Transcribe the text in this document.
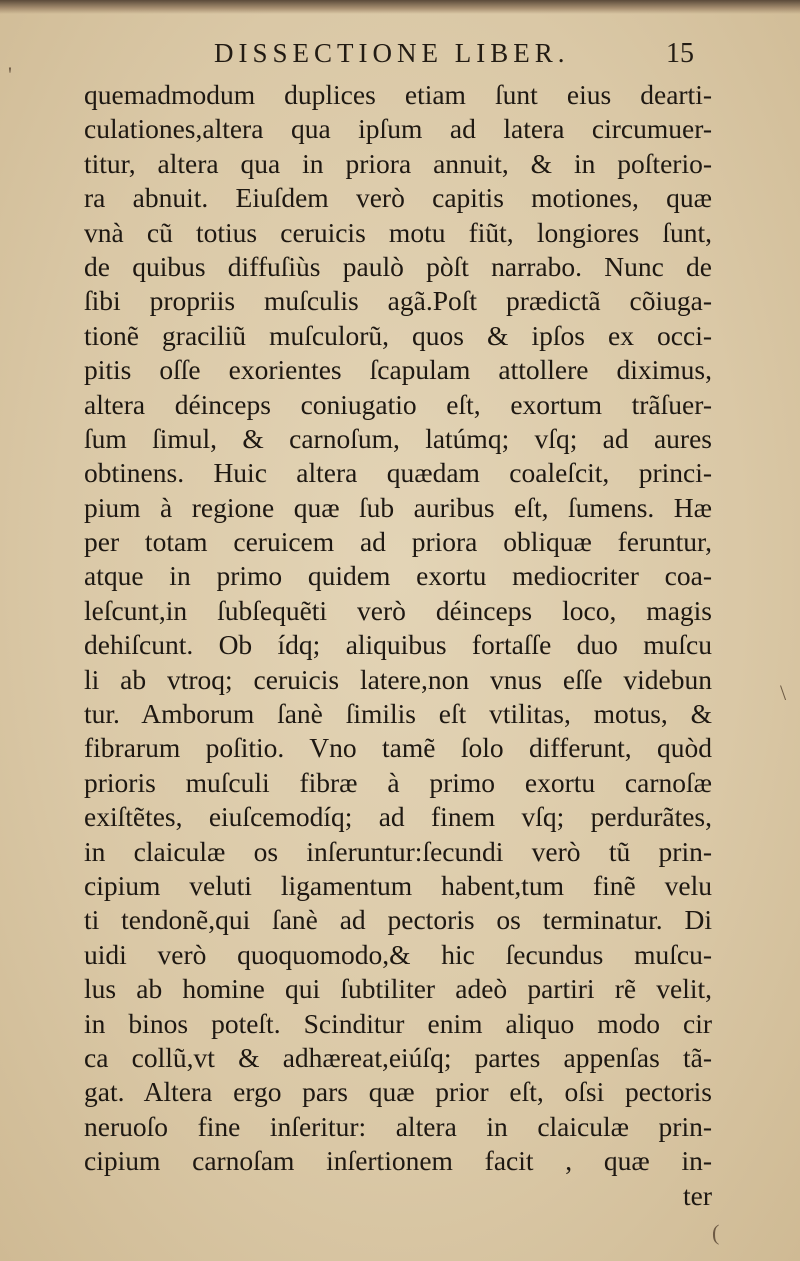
DISSECTIONE LIBER.	15
quemadmodum duplices etiam ſunt eius dearti-
culationes,altera qua ipſum ad latera circumuer-
titur, altera qua in priora annuit, & in poſterio-
ra abnuit. Eiuſdem verò capitis motiones, quæ
vnà cũ totius ceruicis motu fiũt, longiores ſunt,
de quibus diffuſiùs paulò pòſt narrabo. Nunc de
ſibi propriis muſculis agã.Poſt prædictã cõiuga-
tionẽ graciliũ muſculorũ, quos & ipſos ex occi-
pitis oſſe exorientes ſcapulam attollere diximus,
altera déinceps coniugatio eſt, exortum trãſuer-
ſum ſimul, & carnoſum, latúmq; vſq; ad aures
obtinens. Huic altera quædam coaleſcit, princi-
pium à regione quæ ſub auribus eſt, ſumens. Hæ
per totam ceruicem ad priora obliquæ feruntur,
atque in primo quidem exortu mediocriter coa-
leſcunt,in ſubſequẽti verò déinceps loco, magis
dehiſcunt. Ob ídq; aliquibus fortaſſe duo muſcu
li ab vtroq; ceruicis latere,non vnus eſſe videbun
tur. Amborum ſanè ſimilis eſt vtilitas, motus, &
fibrarum poſitio. Vno tamẽ ſolo differunt, quòd
prioris muſculi fibræ à primo exortu carnoſæ
exiſtẽtes, eiuſcemodíq; ad finem vſq; perdurãtes,
in claiculæ os inſeruntur:ſecundi verò tũ prin-
cipium veluti ligamentum habent,tum finẽ velu
ti tendonẽ,qui ſanè ad pectoris os terminatur. Di
uidi verò quoquomodo,& hic ſecundus muſcu-
lus ab homine qui ſubtiliter adeò partiri rẽ velit,
in binos poteſt. Scinditur enim aliquo modo cir
ca collũ,vt & adhæreat,eiúſq; partes appenſas tã-
gat. Altera ergo pars quæ prior eſt, oſsi pectoris
neruoſo fine inſeritur: altera in claiculæ prin-
cipium carnoſam inſertionem facit , quæ in-
ter
'
\
(
